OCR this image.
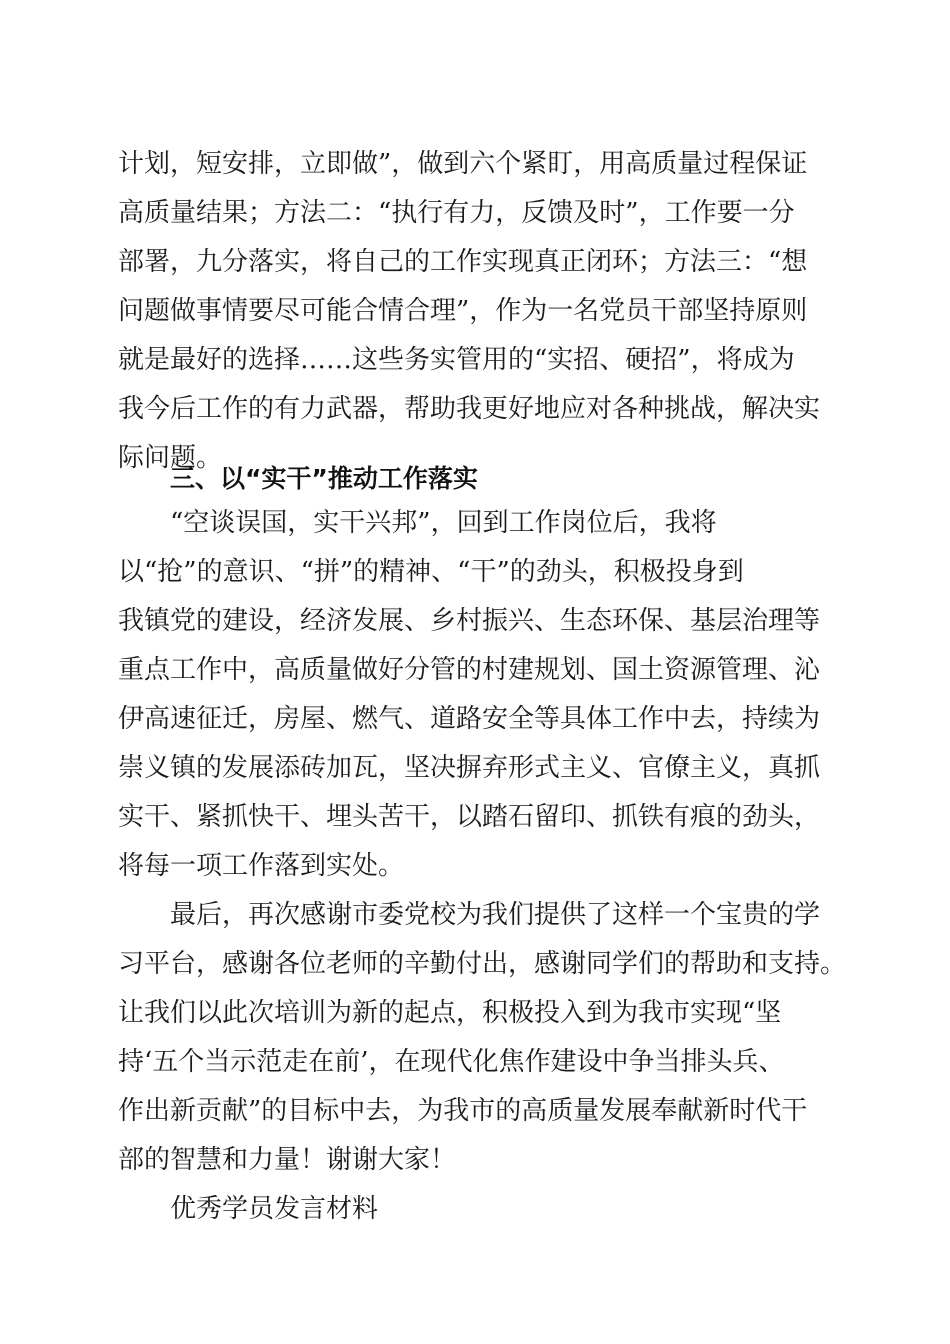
计划，短安排，立即做”，做到六个紧盯，用高质量过程保证
高质量结果；方法二：“执行有力，反馈及时”，工作要一分
部署，九分落实，将自己的工作实现真正闭环；方法三：“想
问题做事情要尽可能合情合理”，作为一名党员干部坚持原则
就是最好的选择……这些务实管用的“实招、硬招”，将成为
我今后工作的有力武器，帮助我更好地应对各种挑战，解决实
际问题。
三、以“实干”推动工作落实
“空谈误国，实干兴邦”，回到工作岗位后，我将
以“抢”的意识、“拼”的精神、“干”的劲头，积极投身到
我镇党的建设，经济发展、乡村振兴、生态环保、基层治理等
重点工作中，高质量做好分管的村建规划、国土资源管理、沁
伊高速征迁，房屋、燃气、道路安全等具体工作中去，持续为
崇义镇的发展添砖加瓦，坚决摒弃形式主义、官僚主义，真抓
实干、紧抓快干、埋头苦干，以踏石留印、抓铁有痕的劲头，
将每一项工作落到实处。
最后，再次感谢市委党校为我们提供了这样一个宝贵的学
习平台，感谢各位老师的辛勤付出，感谢同学们的帮助和支持。
让我们以此次培训为新的起点，积极投入到为我市实现“坚
持‘五个当示范走在前’，在现代化焦作建设中争当排头兵、
作出新贡献”的目标中去，为我市的高质量发展奉献新时代干
部的智慧和力量！谢谢大家！
优秀学员发言材料
